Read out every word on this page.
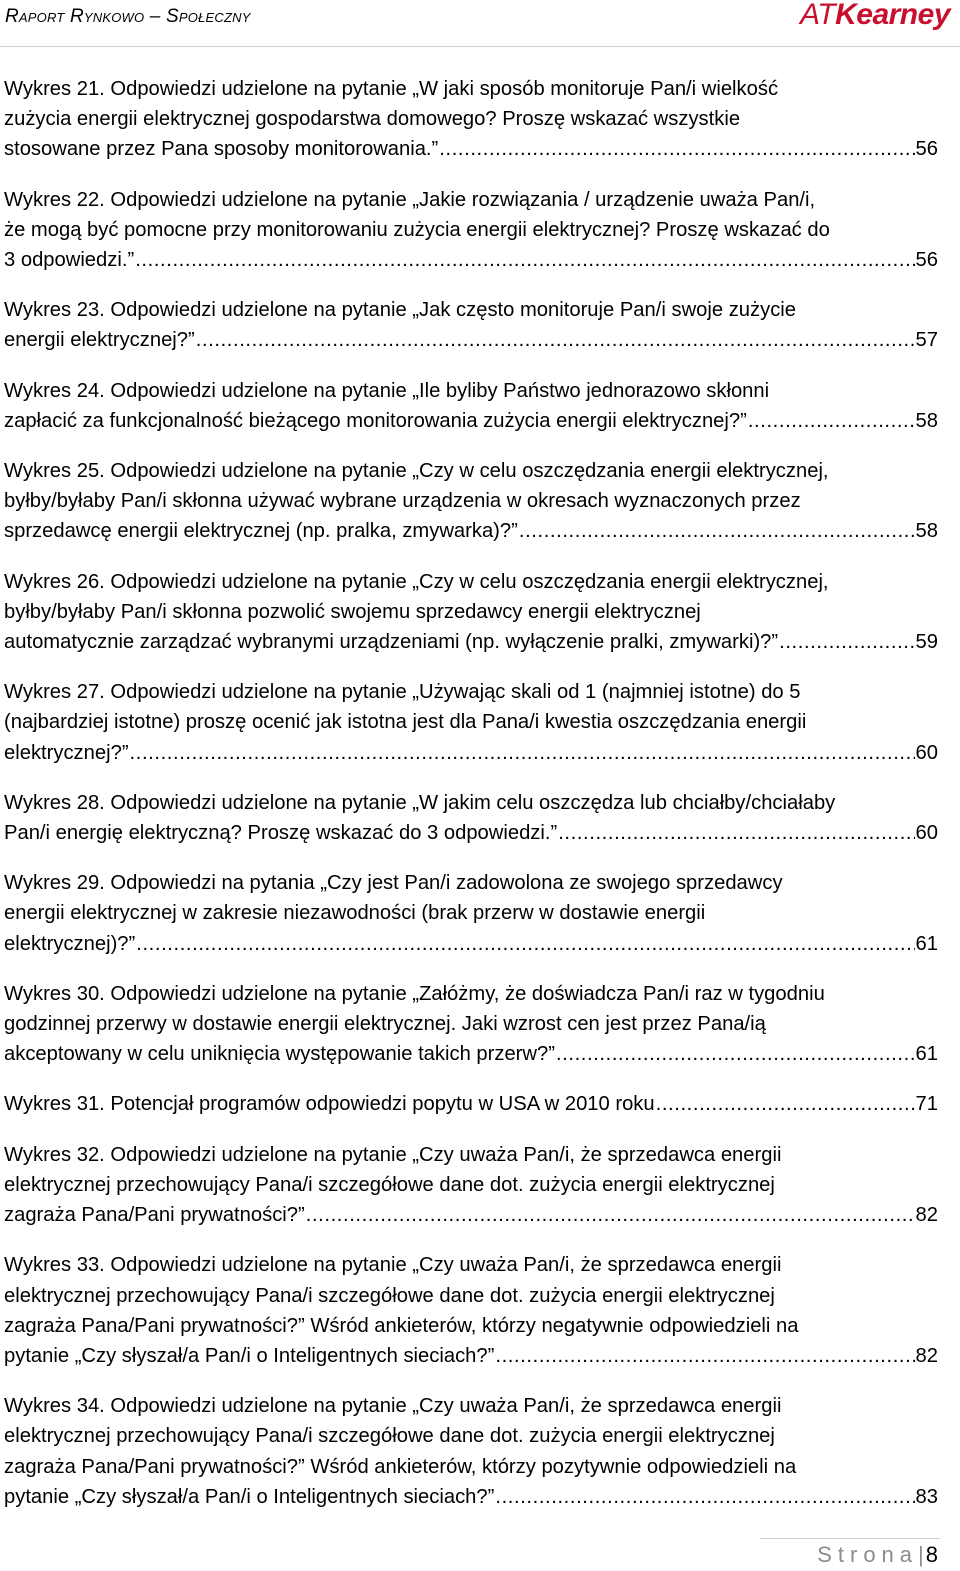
Raport Rynkowo – Społeczny	ATKearney
Wykres 21. Odpowiedzi udzielone na pytanie „W jaki sposób monitoruje Pan/i wielkość
zużycia energii elektrycznej gospodarstwa domowego? Proszę wskazać wszystkie
stosowane przez Pana sposoby monitorowania.” .....	56
Wykres 22. Odpowiedzi udzielone na pytanie „Jakie rozwiązania / urządzenie uważa Pan/i,
że mogą być pomocne przy monitorowaniu zużycia energii elektrycznej? Proszę wskazać do
3 odpowiedzi.” .....	56
Wykres 23. Odpowiedzi udzielone na pytanie „Jak często monitoruje Pan/i swoje zużycie
energii elektrycznej?” .....	57
Wykres 24. Odpowiedzi udzielone na pytanie „Ile byliby Państwo jednorazowo skłonni
zapłacić za funkcjonalność bieżącego monitorowania zużycia energii elektrycznej?” .....	58
Wykres 25. Odpowiedzi udzielone na pytanie „Czy w celu oszczędzania energii elektrycznej,
byłby/byłaby Pan/i skłonna używać wybrane urządzenia w okresach wyznaczonych przez
sprzedawcę energii elektrycznej (np. pralka, zmywarka)?” .....	58
Wykres 26. Odpowiedzi udzielone na pytanie „Czy w celu oszczędzania energii elektrycznej,
byłby/byłaby Pan/i skłonna pozwolić swojemu sprzedawcy energii elektrycznej
automatycznie zarządzać wybranymi urządzeniami (np. wyłączenie pralki, zmywarki)?” .....	59
Wykres 27. Odpowiedzi udzielone na pytanie „Używając skali od 1 (najmniej istotne) do 5
(najbardziej istotne) proszę ocenić jak istotna jest dla Pana/i kwestia oszczędzania energii
elektrycznej?” .....	60
Wykres 28. Odpowiedzi udzielone na pytanie „W jakim celu oszczędza lub chciałby/chciałaby
Pan/i energię elektryczną? Proszę wskazać do 3 odpowiedzi.” .....	60
Wykres 29. Odpowiedzi na pytania „Czy jest Pan/i zadowolona ze swojego sprzedawcy
energii elektrycznej w zakresie niezawodności (brak przerw w dostawie energii
elektrycznej)?” .....	61
Wykres 30. Odpowiedzi udzielone na pytanie „Załóżmy, że doświadcza Pan/i raz w tygodniu
godzinnej przerwy w dostawie energii elektrycznej. Jaki wzrost cen jest przez Pana/ią
akceptowany w celu uniknięcia występowanie takich przerw?” .....	61
Wykres 31. Potencjał programów odpowiedzi popytu w USA w 2010 roku .....	71
Wykres 32. Odpowiedzi udzielone na pytanie „Czy uważa Pan/i, że sprzedawca energii
elektrycznej przechowujący Pana/i szczegółowe dane dot. zużycia energii elektrycznej
zagraża Pana/Pani prywatności?” .....	82
Wykres 33. Odpowiedzi udzielone na pytanie „Czy uważa Pan/i, że sprzedawca energii
elektrycznej przechowujący Pana/i szczegółowe dane dot. zużycia energii elektrycznej
zagraża Pana/Pani prywatności?” Wśród ankieterów, którzy negatywnie odpowiedzieli na
pytanie „Czy słyszał/a Pan/i o Inteligentnych sieciach?” .....	82
Wykres 34. Odpowiedzi udzielone na pytanie „Czy uważa Pan/i, że sprzedawca energii
elektrycznej przechowujący Pana/i szczegółowe dane dot. zużycia energii elektrycznej
zagraża Pana/Pani prywatności?” Wśród ankieterów, którzy pozytywnie odpowiedzieli na
pytanie „Czy słyszał/a Pan/i o Inteligentnych sieciach?” .....	83
Strona|8
